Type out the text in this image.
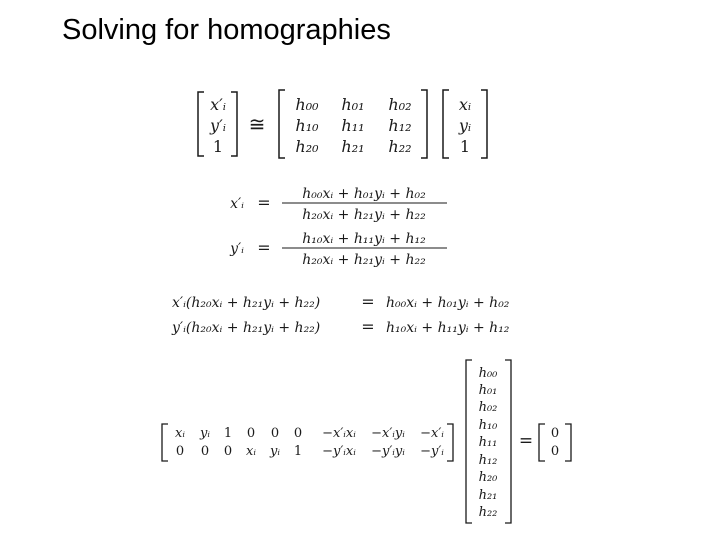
Solving for homographies
x′ᵢ
y′ᵢ
1
≅
h₀₀ h₀₁ h₀₂
h₁₀ h₁₁ h₁₂
h₂₀ h₂₁ h₂₂
xᵢ
yᵢ
1
x′ᵢ = h₀₀xᵢ + h₀₁yᵢ + h₀₂
h₂₀xᵢ + h₂₁yᵢ + h₂₂
y′ᵢ = h₁₀xᵢ + h₁₁yᵢ + h₁₂
h₂₀xᵢ + h₂₁yᵢ + h₂₂
x′ᵢ(h₂₀xᵢ + h₂₁yᵢ + h₂₂)	= h₀₀xᵢ + h₀₁yᵢ + h₀₂
y′ᵢ(h₂₀xᵢ + h₂₁yᵢ + h₂₂)	= h₁₀xᵢ + h₁₁yᵢ + h₁₂
xᵢ yᵢ 1 0 0 0 −x′ᵢxᵢ −x′ᵢyᵢ −x′ᵢ
0 0 0 xᵢ yᵢ 1 −y′ᵢxᵢ −y′ᵢyᵢ −y′ᵢ
h₀₀
h₀₁
h₀₂
h₁₀
h₁₁
h₁₂
h₂₀
h₂₁
h₂₂
= 0
0
